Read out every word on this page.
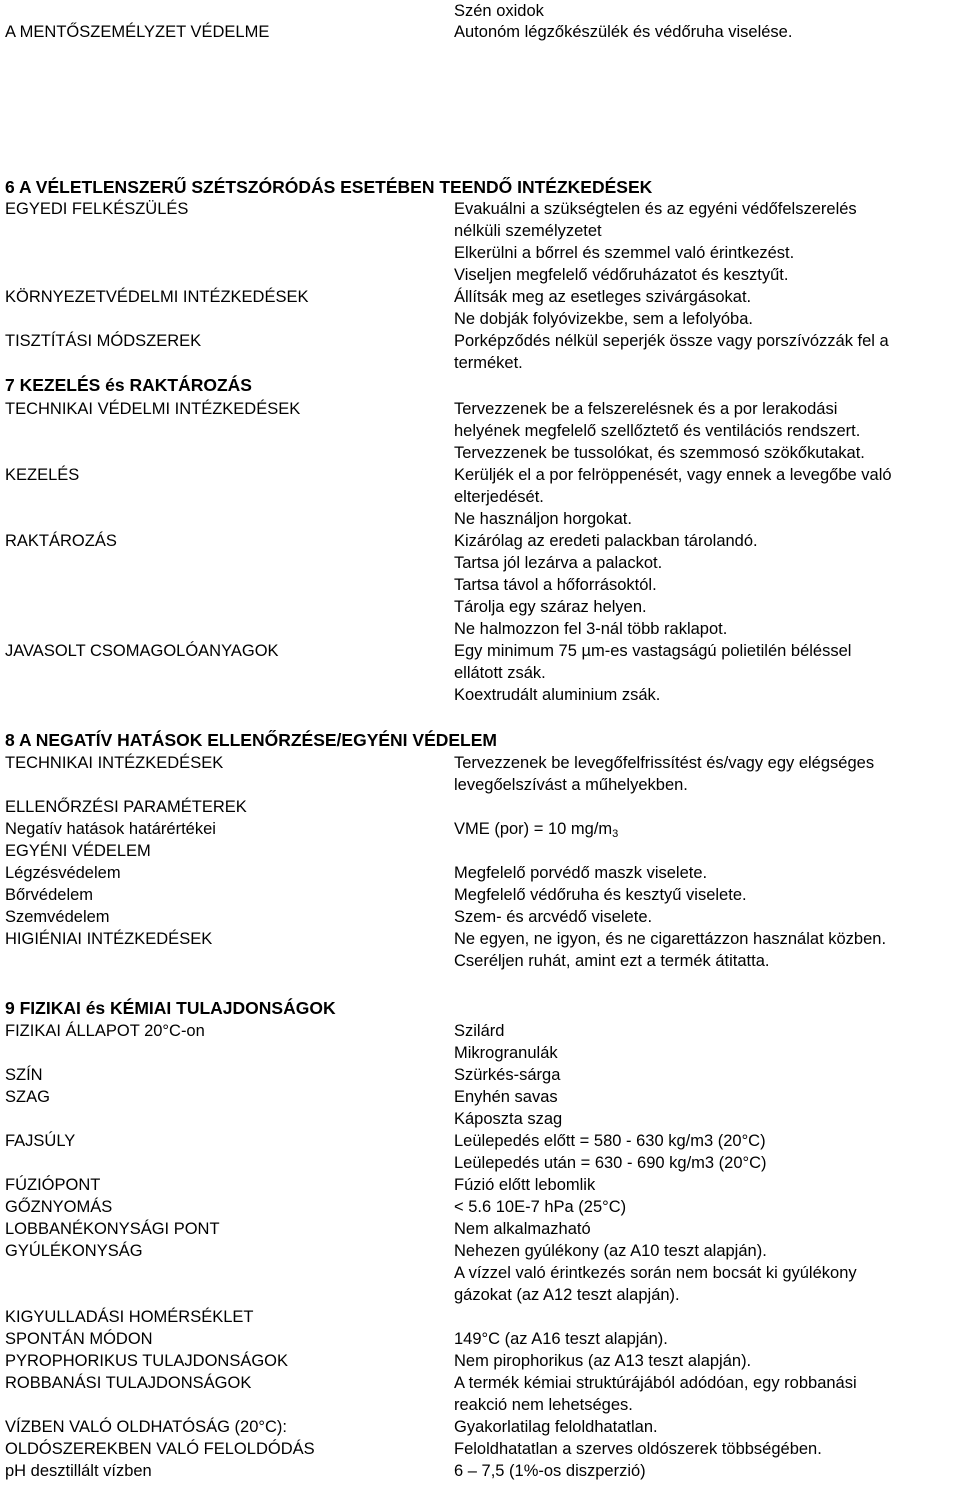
Szén oxidok
A MENTŐSZEMÉLYZET VÉDELME	Autonóm légzőkészülék és védőruha viselése.
6 A VÉLETLENSZERŰ SZÉTSZÓRÓDÁS ESETÉBEN TEENDŐ INTÉZKEDÉSEK
EGYEDI FELKÉSZÜLÉS	Evakuálni a szükségtelen és az egyéni védőfelszerelés
nélküli személyzetet
Elkerülni a bőrrel és szemmel való érintkezést.
Viseljen megfelelő védőruházatot és kesztyűt.
KÖRNYEZETVÉDELMI INTÉZKEDÉSEK	Állítsák meg az esetleges szivárgásokat.
Ne dobják folyóvizekbe, sem a lefolyóba.
TISZTÍTÁSI MÓDSZEREK	Porképződés nélkül seperjék össze vagy porszívózzák fel a
terméket.
7 KEZELÉS és RAKTÁROZÁS
TECHNIKAI VÉDELMI INTÉZKEDÉSEK	Tervezzenek be a felszerelésnek és a por lerakodási
helyének megfelelő szellőztető és ventilációs rendszert.
Tervezzenek be tussolókat, és szemmosó szökőkutakat.
KEZELÉS	Kerüljék el a por felröppenését, vagy ennek a levegőbe való
elterjedését.
Ne használjon horgokat.
RAKTÁROZÁS	Kizárólag az eredeti palackban tárolandó.
Tartsa jól lezárva a palackot.
Tartsa távol a hőforrásoktól.
Tárolja egy száraz helyen.
Ne halmozzon fel 3-nál több raklapot.
JAVASOLT CSOMAGOLÓANYAGOK	Egy minimum 75 µm-es vastagságú polietilén béléssel
ellátott zsák.
Koextrudált aluminium zsák.
8 A NEGATÍV HATÁSOK ELLENŐRZÉSE/EGYÉNI VÉDELEM
TECHNIKAI INTÉZKEDÉSEK	Tervezzenek be levegőfelfrissítést és/vagy egy elégséges
levegőelszívást a műhelyekben.
ELLENŐRZÉSI PARAMÉTEREK
Negatív hatások határértékei	VME (por) = 10 mg/m3
EGYÉNI VÉDELEM
Légzésvédelem	Megfelelő porvédő maszk viselete.
Bőrvédelem	Megfelelő védőruha és kesztyű viselete.
Szemvédelem	Szem- és arcvédő viselete.
HIGIÉNIAI INTÉZKEDÉSEK	Ne egyen, ne igyon, és ne cigarettázzon használat közben.
Cseréljen ruhát, amint ezt a termék átitatta.
9 FIZIKAI és KÉMIAI TULAJDONSÁGOK
FIZIKAI ÁLLAPOT 20°C-on	Szilárd
Mikrogranulák
SZÍN	Szürkés-sárga
SZAG	Enyhén savas
Káposzta szag
FAJSÚLY	Leülepedés előtt = 580 - 630 kg/m3 (20°C)
Leülepedés után = 630 - 690 kg/m3 (20°C)
FÚZIÓPONT	Fúzió előtt lebomlik
GŐZNYOMÁS	< 5.6 10E-7 hPa (25°C)
LOBBANÉKONYSÁGI PONT	Nem alkalmazható
GYÚLÉKONYSÁG	Nehezen gyúlékony (az A10 teszt alapján).
A vízzel való érintkezés során nem bocsát ki gyúlékony
gázokat (az A12 teszt alapján).
KIGYULLADÁSI HOMÉRSÉKLET
SPONTÁN MÓDON	149°C (az A16 teszt alapján).
PYROPHORIKUS TULAJDONSÁGOK	Nem pirophorikus (az A13 teszt alapján).
ROBBANÁSI TULAJDONSÁGOK	A termék kémiai struktúrájából adódóan, egy robbanási
reakció nem lehetséges.
VÍZBEN VALÓ OLDHATÓSÁG (20°C):	Gyakorlatilag feloldhatatlan.
OLDÓSZEREKBEN VALÓ FELOLDÓDÁS	Feloldhatatlan a szerves oldószerek többségében.
pH desztillált vízben	6 – 7,5 (1%-os diszperzió)
